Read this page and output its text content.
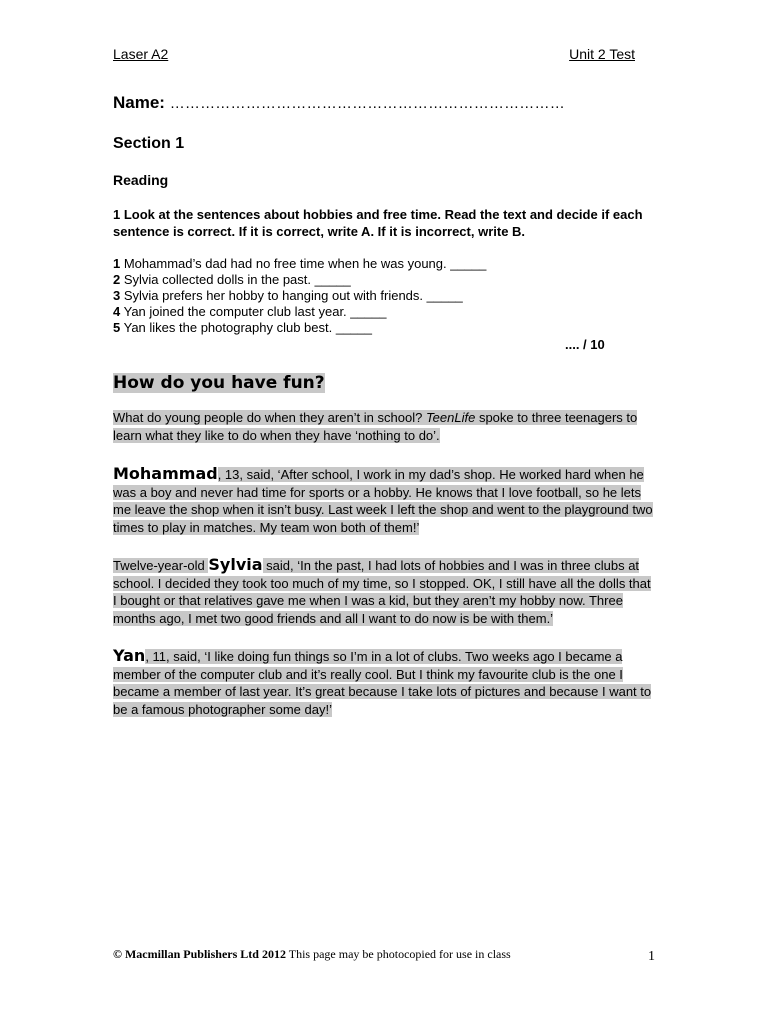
Laser A2	Unit 2 Test
Name: ……………………………………………………………………
Section 1
Reading
1 Look at the sentences about hobbies and free time. Read the text and decide if each sentence is correct. If it is correct, write A. If it is incorrect, write B.
1 Mohammad’s dad had no free time when he was young. _____
2 Sylvia collected dolls in the past. _____
3 Sylvia prefers her hobby to hanging out with friends. _____
4 Yan joined the computer club last year. _____
5 Yan likes the photography club best. _____
.... / 10
How do you have fun?
What do young people do when they aren’t in school? TeenLife spoke to three teenagers to learn what they like to do when they have ‘nothing to do’.
Mohammad, 13, said, ‘After school, I work in my dad’s shop. He worked hard when he was a boy and never had time for sports or a hobby. He knows that I love football, so he lets me leave the shop when it isn’t busy. Last week I left the shop and went to the playground two times to play in matches. My team won both of them!’
Twelve-year-old Sylvia said, ‘In the past, I had lots of hobbies and I was in three clubs at school. I decided they took too much of my time, so I stopped. OK, I still have all the dolls that I bought or that relatives gave me when I was a kid, but they aren’t my hobby now. Three months ago, I met two good friends and all I want to do now is be with them.’
Yan, 11, said, ‘I like doing fun things so I’m in a lot of clubs. Two weeks ago I became a member of the computer club and it’s really cool. But I think my favourite club is the one I became a member of last year. It’s great because I take lots of pictures and because I want to be a famous photographer some day!’
© Macmillan Publishers Ltd 2012 This page may be photocopied for use in class	1
